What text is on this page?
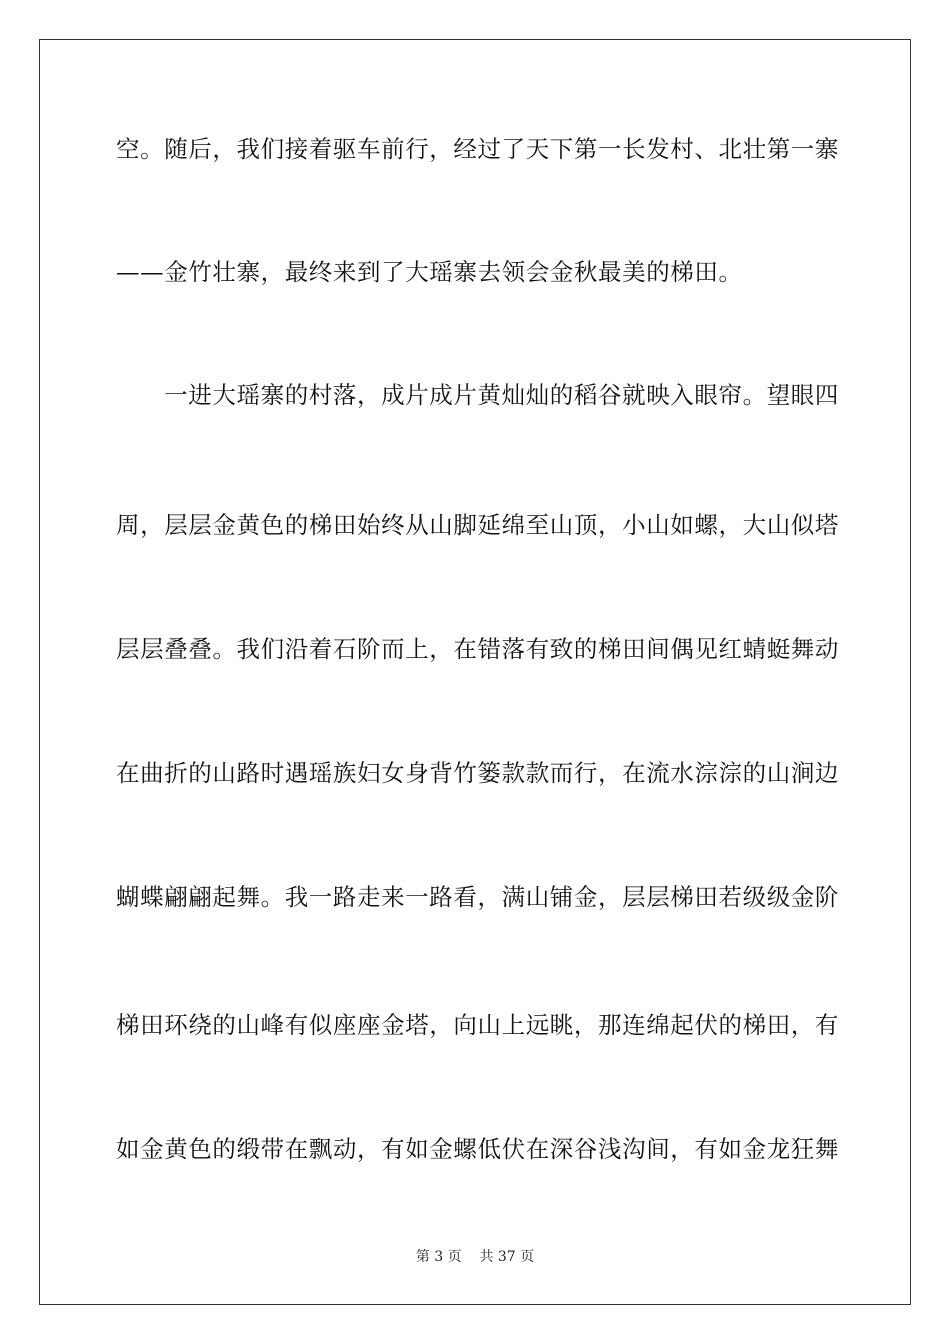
空。随后，我们接着驱车前行，经过了天下第一长发村、北壮第一寨
——金竹壮寨，最终来到了大瑶寨去领会金秋最美的梯田。
　　一进大瑶寨的村落，成片成片黄灿灿的稻谷就映入眼帘。望眼四
周，层层金黄色的梯田始终从山脚延绵至山顶，小山如螺，大山似塔
层层叠叠。我们沿着石阶而上，在错落有致的梯田间偶见红蜻蜓舞动
在曲折的山路时遇瑶族妇女身背竹篓款款而行，在流水淙淙的山涧边
蝴蝶翩翩起舞。我一路走来一路看，满山铺金，层层梯田若级级金阶
梯田环绕的山峰有似座座金塔，向山上远眺，那连绵起伏的梯田，有
如金黄色的缎带在飘动，有如金螺低伏在深谷浅沟间，有如金龙狂舞
第 3 页 共 37 页
